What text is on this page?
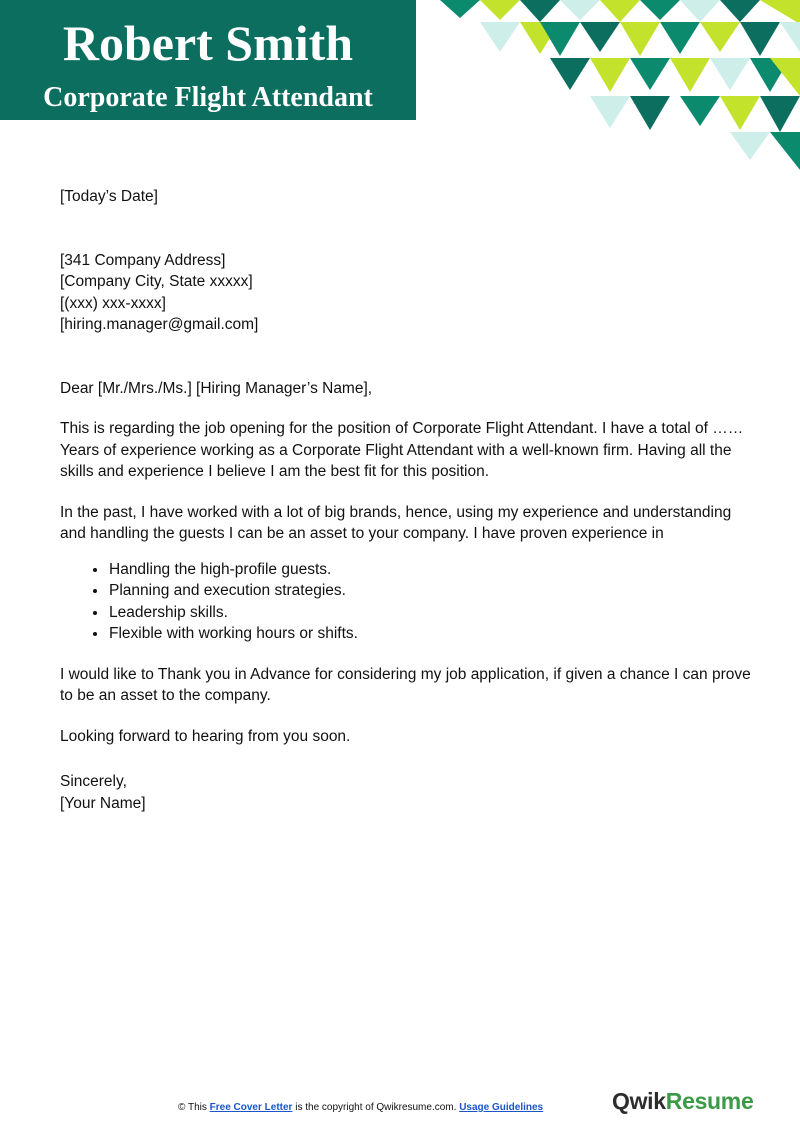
Robert Smith
Corporate Flight Attendant

[Today’s Date]

[341 Company Address]

[Company City, State xxxxx]

[(xxx) xxx-xxxx]

[hiring.manager@gmail.com]

Dear [Mr./Mrs./Ms.] [Hiring Manager’s Name],

This is regarding the job opening for the position of Corporate Flight Attendant. I have a total of …… Years of experience working as a Corporate Flight Attendant with a well-known firm. Having all the skills and experience I believe I am the best fit for this position.

In the past, I have worked with a lot of big brands, hence, using my experience and understanding and handling the guests I can be an asset to your company. I have proven experience in

• Handling the high-profile guests.
• Planning and execution strategies.
• Leadership skills.
• Flexible with working hours or shifts.

I would like to Thank you in Advance for considering my job application, if given a chance I can prove to be an asset to the company.

Looking forward to hearing from you soon.

Sincerely,

[Your Name]

© This Free Cover Letter is the copyright of Qwikresume.com. Usage Guidelines	QwikResume
